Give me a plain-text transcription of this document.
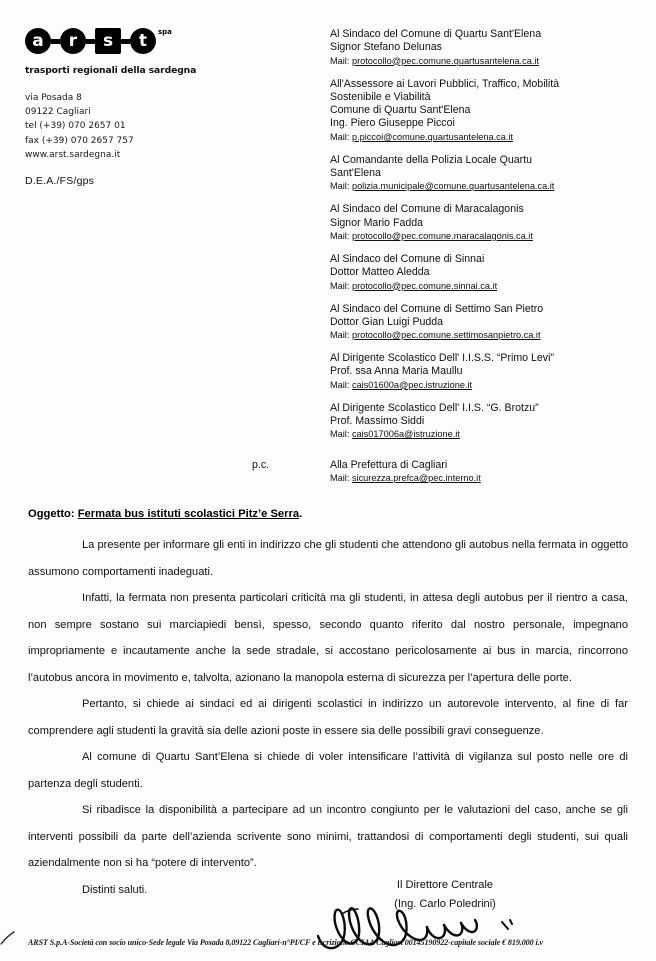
a	r	s	t	spa
trasporti regionali della sardegna
via Posada 8
09122 Cagliari
tel (+39) 070 2657 01
fax (+39) 070 2657 757
www.arst.sardegna.it
D.E.A./FS/gps
Al Sindaco del Comune di Quartu Sant'Elena
Signor Stefano Delunas
Mail: protocollo@pec.comune.quartusantelena.ca.it
All'Assessore ai Lavori Pubblici, Traffico, Mobilità
Sostenibile e Viabilità
Comune di Quartu Sant'Elena
Ing. Piero Giuseppe Piccoi
Mail: p.piccoi@comune.quartusantelena.ca.it
Al Comandante della Polizia Locale Quartu
Sant'Elena
Mail: polizia.municipale@comune.quartusantelena.ca.it
Al Sindaco del Comune di Maracalagonis
Signor Mario Fadda
Mail: protocollo@pec.comune.maracalagonis.ca.it
Al Sindaco del Comune di Sinnai
Dottor Matteo Aledda
Mail: protocollo@pec.comune.sinnai.ca.it
Al Sindaco del Comune di Settimo San Pietro
Dottor Gian Luigi Pudda
Mail: protocollo@pec.comune.settimosanpietro.ca.it
Al Dirigente Scolastico Dell' I.I.S.S. “Primo Levi”
Prof. ssa Anna Maria Maullu
Mail: cais01600a@pec.istruzione.it
Al Dirigente Scolastico Dell' I.I.S. “G. Brotzu”
Prof. Massimo Siddi
Mail: cais017006a@istruzione.it
p.c.	Alla Prefettura di Cagliari
Mail: sicurezza.prefca@pec.interno.it
Oggetto: Fermata bus istituti scolastici Pitz’e Serra.

La presente per informare gli enti in indirizzo che gli studenti che attendono gli autobus nella fermata in oggetto assumono comportamenti inadeguati.

Infatti, la fermata non presenta particolari criticità ma gli studenti, in attesa degli autobus per il rientro a casa, non sempre sostano sui marciapiedi bensì, spesso, secondo quanto riferito dal nostro personale, impegnano impropriamente e incautamente anche la sede stradale, si accostano pericolosamente ai bus in marcia, rincorrono l’autobus ancora in movimento e, talvolta, azionano la manopola esterna di sicurezza per l’apertura delle porte.

Pertanto, si chiede ai sindaci ed ai dirigenti scolastici in indirizzo un autorevole intervento, al fine di far comprendere agli studenti la gravità sia delle azioni poste in essere sia delle possibili gravi conseguenze.

Al comune di Quartu Sant’Elena si chiede di voler intensificare l’attività di vigilanza sul posto nelle ore di partenza degli studenti.

Si ribadisce la disponibilità a partecipare ad un incontro congiunto per le valutazioni del caso, anche se gli interventi possibili da parte dell’azienda scrivente sono minimi, trattandosi di comportamenti degli studenti, sui quali aziendalmente non si ha “potere di intervento”.

Distinti saluti.	Il Direttore Centrale
(Ing. Carlo Poledrini)
ARST S.p.A-Società con socio unico-Sede legale Via Posada 8,09122 Cagliari-n°PI/CF e iscrizione CCIAA Cagliari 00145190922-capitale sociale € 819.000 i.v
